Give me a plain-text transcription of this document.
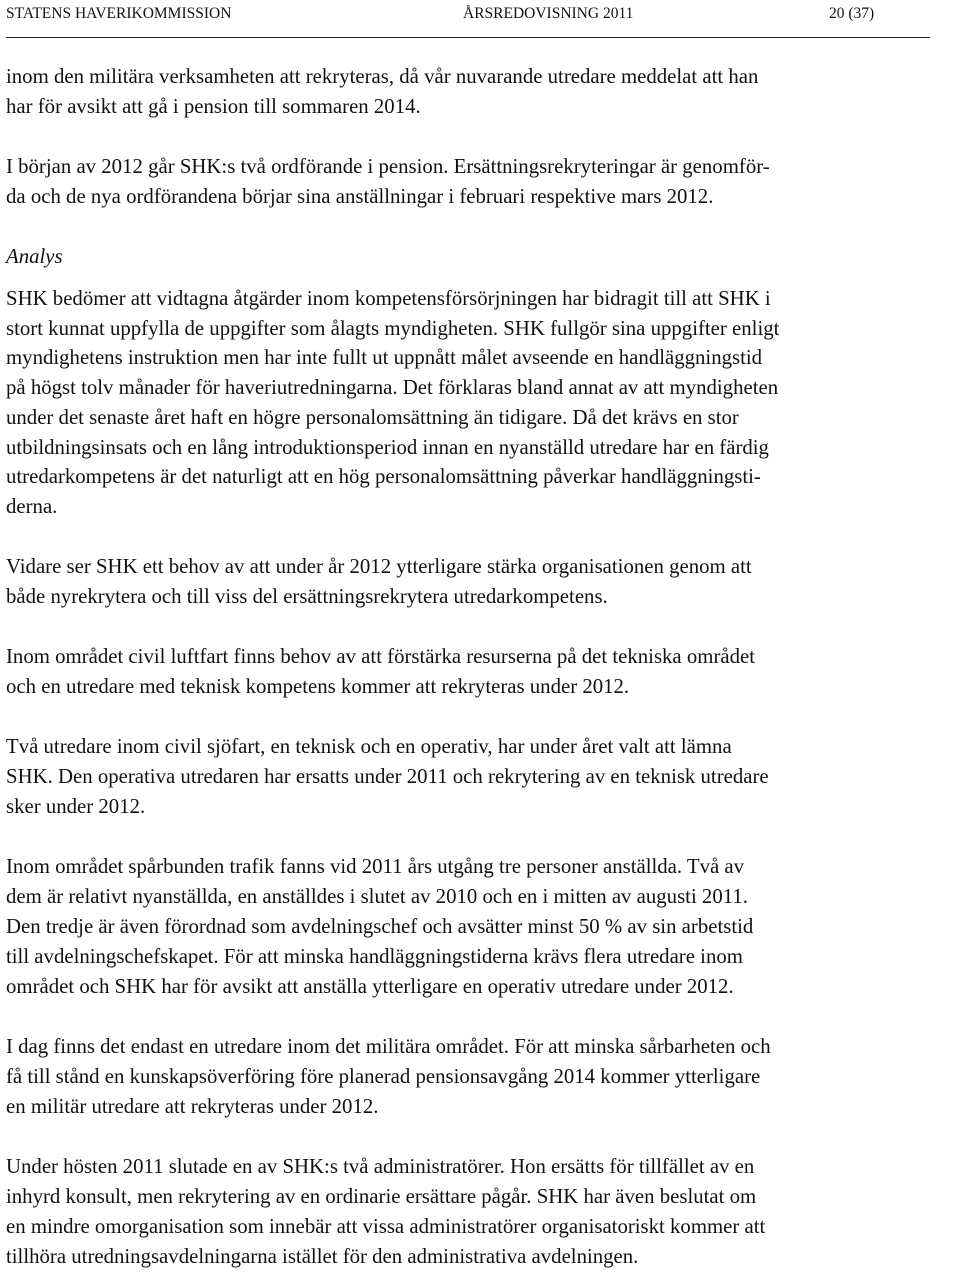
STATENS HAVERIKOMMISSION	ÅRSREDOVISNING 2011	20 (37)

inom den militära verksamheten att rekryteras, då vår nuvarande utredare meddelat att han
har för avsikt att gå i pension till sommaren 2014.

I början av 2012 går SHK:s två ordförande i pension. Ersättningsrekryteringar är genomför-
da och de nya ordförandena börjar sina anställningar i februari respektive mars 2012.

Analys

SHK bedömer att vidtagna åtgärder inom kompetensförsörjningen har bidragit till att SHK i
stort kunnat uppfylla de uppgifter som ålagts myndigheten. SHK fullgör sina uppgifter enligt
myndighetens instruktion men har inte fullt ut uppnått målet avseende en handläggningstid
på högst tolv månader för haveriutredningarna. Det förklaras bland annat av att myndigheten
under det senaste året haft en högre personalomsättning än tidigare. Då det krävs en stor
utbildningsinsats och en lång introduktionsperiod innan en nyanställd utredare har en färdig
utredarkompetens är det naturligt att en hög personalomsättning påverkar handläggningsti-
derna.

Vidare ser SHK ett behov av att under år 2012 ytterligare stärka organisationen genom att
både nyrekrytera och till viss del ersättningsrekrytera utredarkompetens.

Inom området civil luftfart finns behov av att förstärka resurserna på det tekniska området
och en utredare med teknisk kompetens kommer att rekryteras under 2012.

Två utredare inom civil sjöfart, en teknisk och en operativ, har under året valt att lämna
SHK. Den operativa utredaren har ersatts under 2011 och rekrytering av en teknisk utredare
sker under 2012.

Inom området spårbunden trafik fanns vid 2011 års utgång tre personer anställda. Två av
dem är relativt nyanställda, en anställdes i slutet av 2010 och en i mitten av augusti 2011.
Den tredje är även förordnad som avdelningschef och avsätter minst 50 % av sin arbetstid
till avdelningschefskapet. För att minska handläggningstiderna krävs flera utredare inom
området och SHK har för avsikt att anställa ytterligare en operativ utredare under 2012.

I dag finns det endast en utredare inom det militära området. För att minska sårbarheten och
få till stånd en kunskapsöverföring före planerad pensionsavgång 2014 kommer ytterligare
en militär utredare att rekryteras under 2012.

Under hösten 2011 slutade en av SHK:s två administratörer. Hon ersätts för tillfället av en
inhyrd konsult, men rekrytering av en ordinarie ersättare pågår. SHK har även beslutat om
en mindre omorganisation som innebär att vissa administratörer organisatoriskt kommer att
tillhöra utredningsavdelningarna istället för den administrativa avdelningen.
